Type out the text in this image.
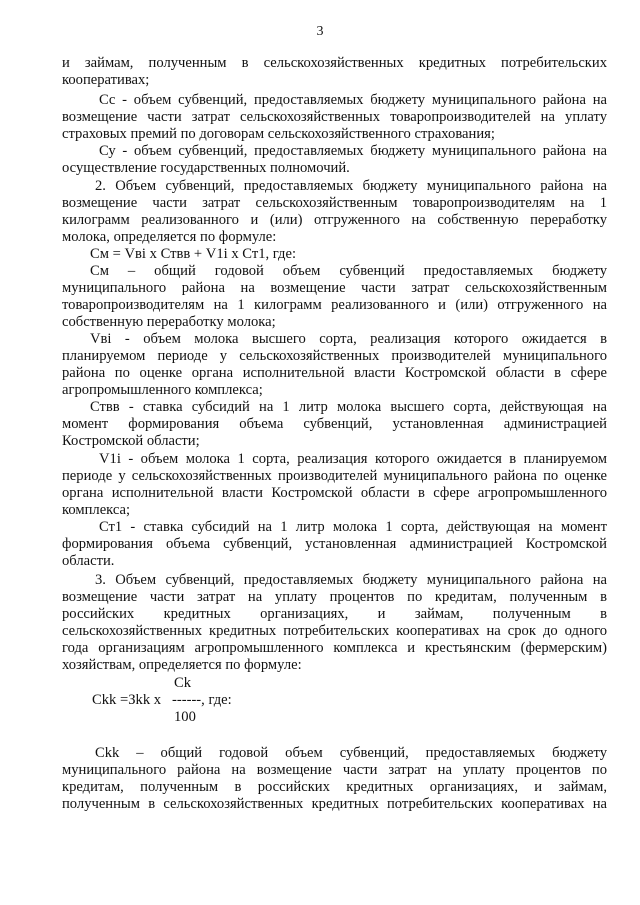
3
и займам, полученным в сельскохозяйственных кредитных потребительских
кооперативах;
Сс - объем субвенций, предоставляемых бюджету муниципального района на
возмещение части затрат сельскохозяйственных товаропроизводителей на уплату
страховых премий по договорам сельскохозяйственного страхования;
Су - объем субвенций, предоставляемых бюджету муниципального района на
осуществление государственных полномочий.
2. Объем субвенций, предоставляемых бюджету муниципального района на
возмещение части затрат сельскохозяйственным товаропроизводителям на 1
килограмм реализованного и (или) отгруженного на собственную переработку
молока, определяется по формуле:
См = Vві х Ствв + V1і х Ст1, где:
См – общий годовой объем субвенций предоставляемых бюджету
муниципального района на возмещение части затрат сельскохозяйственным
товаропроизводителям на 1 килограмм реализованного и (или) отгруженного на
собственную переработку молока;
Vві - объем молока высшего сорта, реализация которого ожидается в
планируемом периоде у сельскохозяйственных производителей муниципального
района по оценке органа исполнительной власти Костромской области в сфере
агропромышленного комплекса;
Ствв - ставка субсидий на 1 литр молока высшего сорта, действующая на
момент формирования объема субвенций, установленная администрацией
Костромской области;
V1і - объем молока 1 сорта, реализация которого ожидается в планируемом
периоде у сельскохозяйственных производителей муниципального района по оценке
органа исполнительной власти Костромской области в сфере агропромышленного
комплекса;
Ст1 - ставка субсидий на 1 литр молока 1 сорта, действующая на момент
формирования объема субвенций, установленная администрацией Костромской
области.
3. Объем субвенций, предоставляемых бюджету муниципального района на
возмещение части затрат на уплату процентов по кредитам, полученным в
российских кредитных организациях, и займам, полученным в
сельскохозяйственных кредитных потребительских кооперативах на срок до одного
года организациям агропромышленного комплекса и крестьянским (фермерским)
хозяйствам, определяется по формуле:
Ck
Ckk =Зkk x ------, где:
100
Ckk – общий годовой объем субвенций, предоставляемых бюджету
муниципального района на возмещение части затрат на уплату процентов по
кредитам, полученным в российских кредитных организациях, и займам,
полученным в сельскохозяйственных кредитных потребительских кооперативах на
